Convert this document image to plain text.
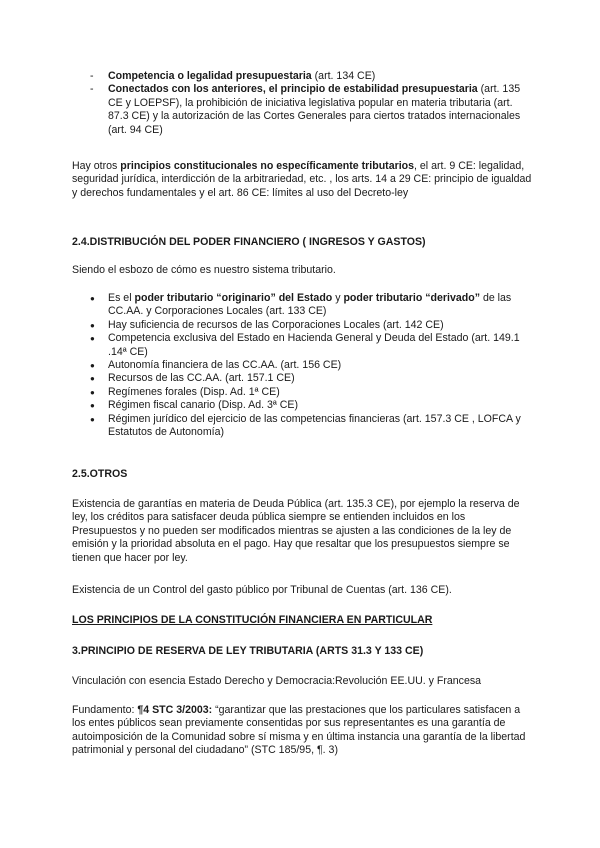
-	Competencia o legalidad presupuestaria (art. 134 CE)
-	Conectados con los anteriores, el principio de estabilidad presupuestaria (art. 135 CE y LOEPSF), la prohibición de iniciativa legislativa popular en materia tributaria (art. 87.3 CE) y la autorización de las Cortes Generales para ciertos tratados internacionales (art. 94 CE)
Hay otros principios constitucionales no específicamente tributarios, el art. 9 CE: legalidad, seguridad jurídica, interdicción de la arbitrariedad, etc. , los arts. 14 a 29 CE: principio de igualdad y derechos fundamentales y el art. 86 CE: límites al uso del Decreto-ley
2.4.DISTRIBUCIÓN DEL PODER FINANCIERO ( INGRESOS Y GASTOS)
Siendo el esbozo de cómo es nuestro sistema tributario.
●	Es el poder tributario “originario” del Estado y poder tributario “derivado” de las CC.AA. y Corporaciones Locales (art. 133 CE)
●	Hay suficiencia de recursos de las Corporaciones Locales (art. 142 CE)
●	Competencia exclusiva del Estado en Hacienda General y Deuda del Estado (art. 149.1 .14ª CE)
●	Autonomía financiera de las CC.AA. (art. 156 CE)
●	Recursos de las CC.AA. (art. 157.1 CE)
●	Regímenes forales (Disp. Ad. 1ª CE)
●	Régimen fiscal canario (Disp. Ad. 3ª CE)
●	Régimen jurídico del ejercicio de las competencias financieras (art. 157.3 CE , LOFCA y Estatutos de Autonomía)
2.5.OTROS
Existencia de garantías en materia de Deuda Pública (art. 135.3 CE), por ejemplo la reserva de ley, los créditos para satisfacer deuda pública siempre se entienden incluidos en los Presupuestos y no pueden ser modificados mientras se ajusten a las condiciones de la ley de emisión y la prioridad absoluta en el pago. Hay que resaltar que los presupuestos siempre se tienen que hacer por ley.
Existencia de un Control del gasto público por Tribunal de Cuentas (art. 136 CE).
LOS PRINCIPIOS DE LA CONSTITUCIÓN FINANCIERA EN PARTICULAR
3.PRINCIPIO DE RESERVA DE LEY TRIBUTARIA (ARTS 31.3 Y 133 CE)
Vinculación con esencia Estado Derecho y Democracia:Revolución EE.UU. y Francesa
Fundamento: ¶4 STC 3/2003: “garantizar que las prestaciones que los particulares satisfacen a los entes públicos sean previamente consentidas por sus representantes es una garantía de autoimposición de la Comunidad sobre sí misma y en última instancia una garantía de la libertad patrimonial y personal del ciudadano” (STC 185/95, ¶. 3)
